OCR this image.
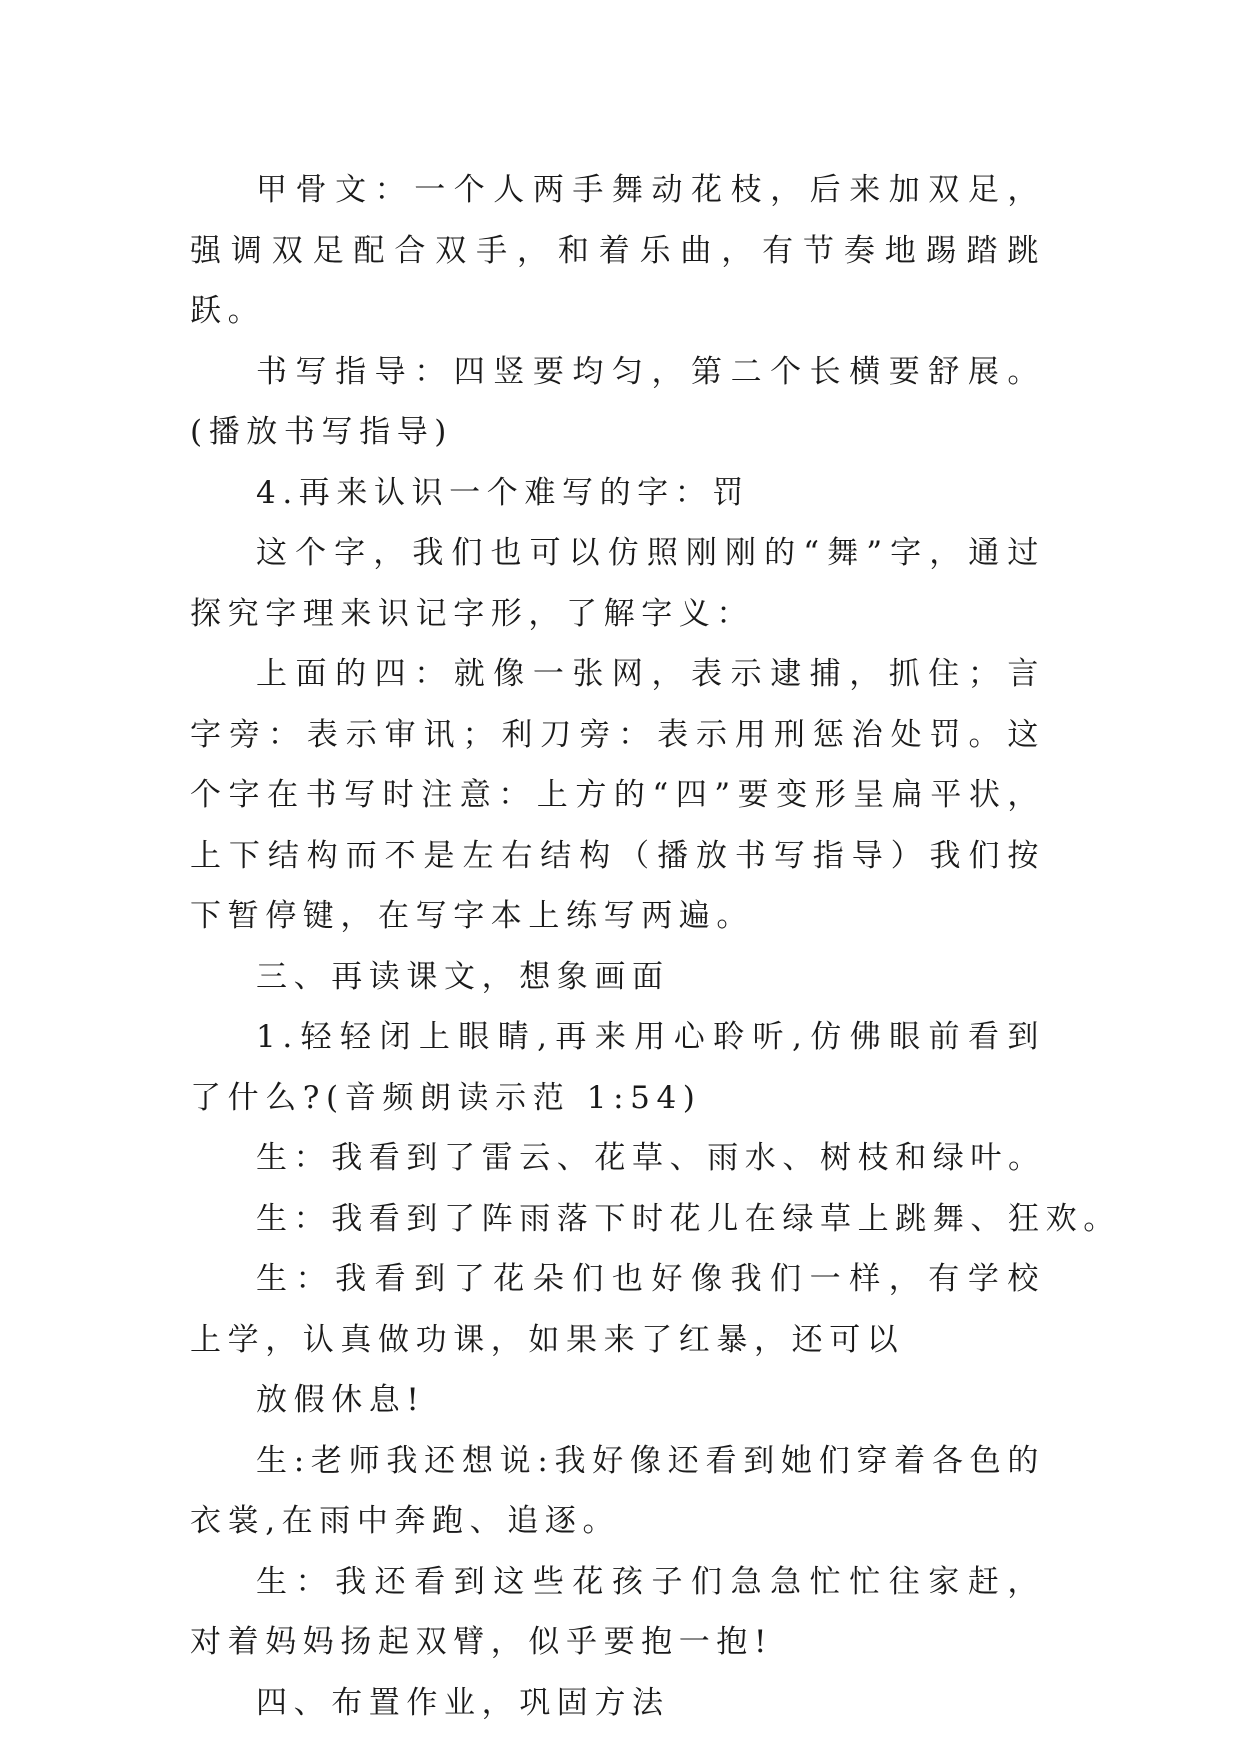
甲骨文：一个人两手舞动花枝，后来加双足，强调双足配合双手，和着乐曲，有节奏地踢踏跳跃。

书写指导：四竖要均匀，第二个长横要舒展。(播放书写指导)

4.再来认识一个难写的字：罚

这个字，我们也可以仿照刚刚的“舞”字，通过探究字理来识记字形，了解字义：

上面的四：就像一张网，表示逮捕，抓住；言字旁：表示审讯；利刀旁：表示用刑惩治处罚。这个字在书写时注意：上方的“四”要变形呈扁平状，上下结构而不是左右结构（播放书写指导）我们按下暂停键，在写字本上练写两遍。

三、再读课文，想象画面

1.轻轻闭上眼睛,再来用心聆听,仿佛眼前看到了什么?(音频朗读示范 1:54)

生：我看到了雷云、花草、雨水、树枝和绿叶。

生：我看到了阵雨落下时花儿在绿草上跳舞、狂欢。

生：我看到了花朵们也好像我们一样，有学校上学，认真做功课，如果来了红暴，还可以

放假休息!

生:老师我还想说:我好像还看到她们穿着各色的衣裳,在雨中奔跑、追逐。

生：我还看到这些花孩子们急急忙忙往家赶，对着妈妈扬起双臂，似乎要抱一抱!

四、布置作业，巩固方法
